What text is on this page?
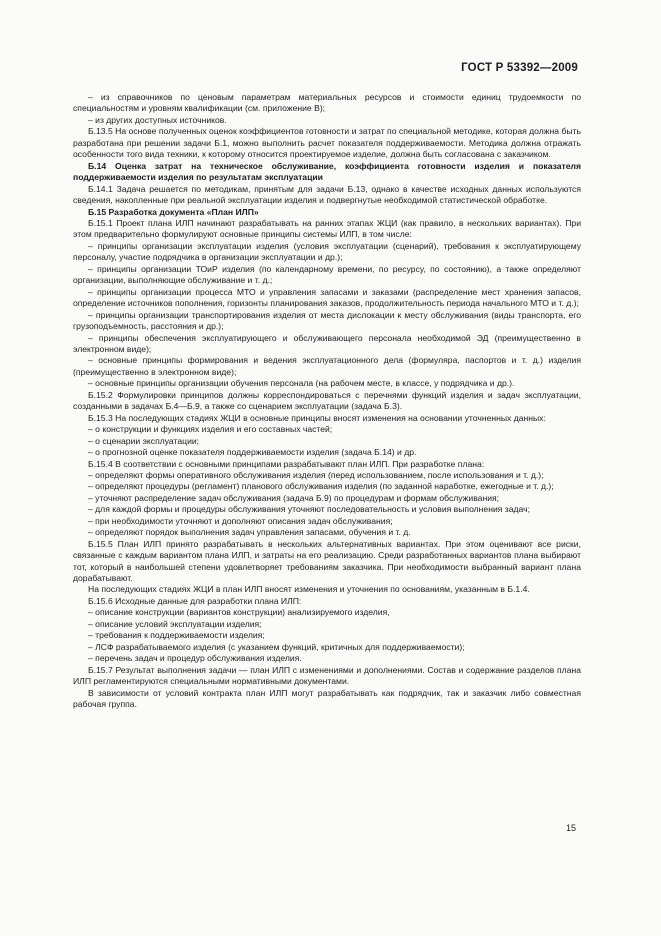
ГОСТ Р 53392—2009

– из справочников по ценовым параметрам материальных ресурсов и стоимости единиц трудоемкости по специальностям и уровням квалификации (см. приложение В);

– из других доступных источников.

Б.13.5 На основе полученных оценок коэффициентов готовности и затрат по специальной методике, которая должна быть разработана при решении задачи Б.1, можно выполнить расчет показателя поддерживаемости. Методика должна отражать особенности того вида техники, к которому относится проектируемое изделие, должна быть согласована с заказчиком.

Б.14 Оценка затрат на техническое обслуживание, коэффициента готовности изделия и показателя поддерживаемости изделия по результатам эксплуатации

Б.14.1 Задача решается по методикам, принятым для задачи Б.13, однако в качестве исходных данных используются сведения, накопленные при реальной эксплуатации изделия и подвергнутые необходимой статистической обработке.

Б.15 Разработка документа «План ИЛП»

Б.15.1 Проект плана ИЛП начинают разрабатывать на ранних этапах ЖЦИ (как правило, в нескольких вариантах). При этом предварительно формулируют основные принципы системы ИЛП, в том числе:

– принципы организации эксплуатации изделия (условия эксплуатации (сценарий), требования к эксплуатирующему персоналу, участие подрядчика в организации эксплуатации и др.);

– принципы организации ТОиР изделия (по календарному времени, по ресурсу, по состоянию), а также определяют организации, выполняющие обслуживание и т. д.;

– принципы организации процесса МТО и управления запасами и заказами (распределение мест хранения запасов, определение источников пополнения, горизонты планирования заказов, продолжительность периода начального МТО и т. д.);

– принципы организации транспортирования изделия от места дислокации к месту обслуживания (виды транспорта, его грузоподъемность, расстояния и др.);

– принципы обеспечения эксплуатирующего и обслуживающего персонала необходимой ЭД (преимущественно в электронном виде);

– основные принципы формирования и ведения эксплуатационного дела (формуляра, паспортов и т. д.) изделия (преимущественно в электронном виде);

– основные принципы организации обучения персонала (на рабочем месте, в классе, у подрядчика и др.).

Б.15.2 Формулировки принципов должны корреспондироваться с перечнями функций изделия и задач эксплуатации, созданными в задачах Б.4—Б.9, а также со сценарием эксплуатации (задача Б.3).

Б.15.3 На последующих стадиях ЖЦИ в основные принципы вносят изменения на основании уточненных данных:

– о конструкции и функциях изделия и его составных частей;

– о сценарии эксплуатации;

– о прогнозной оценке показателя поддерживаемости изделия (задача Б.14) и др.

Б.15.4 В соответствии с основными принципами разрабатывают план ИЛП. При разработке плана:

– определяют формы оперативного обслуживания изделия (перед использованием, после использования и т. д.);

– определяют процедуры (регламент) планового обслуживания изделия (по заданной наработке, ежегодные и т. д.);

– уточняют распределение задач обслуживания (задача Б.9) по процедурам и формам обслуживания;

– для каждой формы и процедуры обслуживания уточняют последовательность и условия выполнения задач;

– при необходимости уточняют и дополняют описания задач обслуживания;

– определяют порядок выполнения задач управления запасами, обучения и т. д.

Б.15.5 План ИЛП принято разрабатывать в нескольких альтернативных вариантах. При этом оценивают все риски, связанные с каждым вариантом плана ИЛП, и затраты на его реализацию. Среди разработанных вариантов плана выбирают тот, который в наибольшей степени удовлетворяет требованиям заказчика. При необходимости выбранный вариант плана дорабатывают.

На последующих стадиях ЖЦИ в план ИЛП вносят изменения и уточнения по основаниям, указанным в Б.1.4.

Б.15.6 Исходные данные для разработки плана ИЛП:

– описание конструкции (вариантов конструкции) анализируемого изделия,

– описание условий эксплуатации изделия;

– требования к поддерживаемости изделия;

– ЛСФ разрабатываемого изделия (с указанием функций, критичных для поддерживаемости);

– перечень задач и процедур обслуживания изделия.

Б.15.7 Результат выполнения задачи — план ИЛП с изменениями и дополнениями. Состав и содержание разделов плана ИЛП регламентируются специальными нормативными документами.

В зависимости от условий контракта план ИЛП могут разрабатывать как подрядчик, так и заказчик либо совместная рабочая группа.

15
